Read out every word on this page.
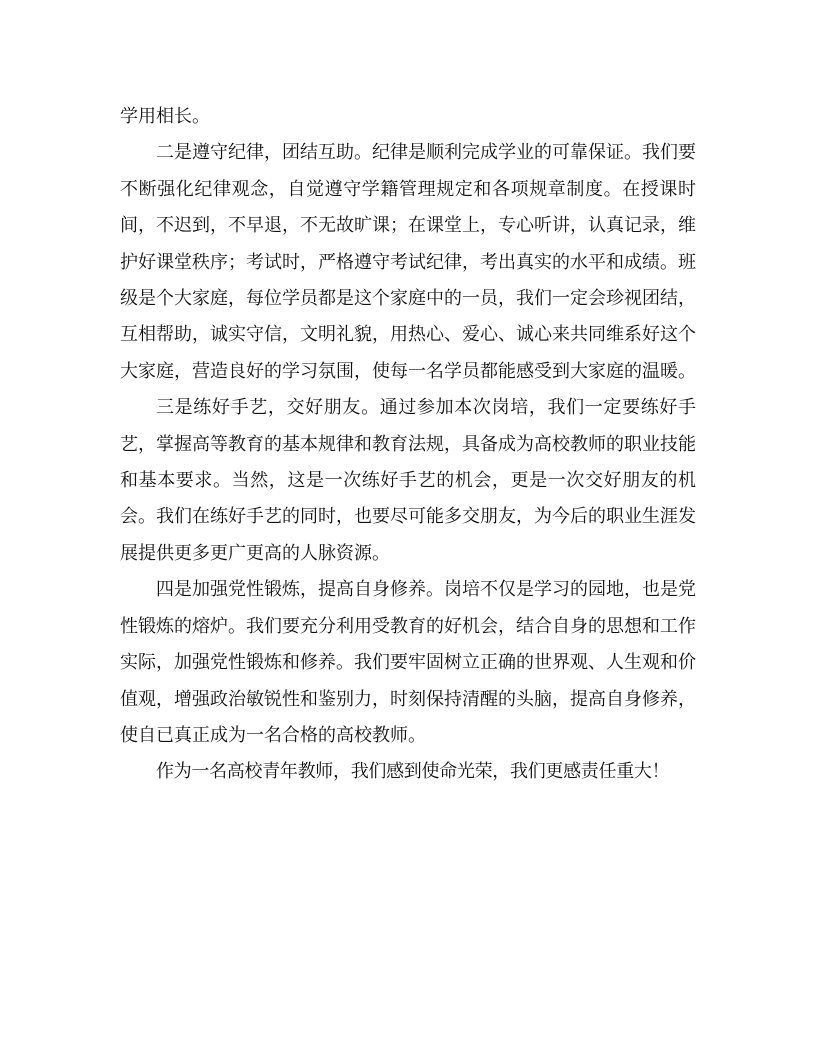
学用相长。

二是遵守纪律，团结互助。纪律是顺利完成学业的可靠保证。我们要不断强化纪律观念，自觉遵守学籍管理规定和各项规章制度。在授课时间，不迟到，不早退，不无故旷课；在课堂上，专心听讲，认真记录，维护好课堂秩序；考试时，严格遵守考试纪律，考出真实的水平和成绩。班级是个大家庭，每位学员都是这个家庭中的一员，我们一定会珍视团结，互相帮助，诚实守信，文明礼貌，用热心、爱心、诚心来共同维系好这个大家庭，营造良好的学习氛围，使每一名学员都能感受到大家庭的温暖。

三是练好手艺，交好朋友。通过参加本次岗培，我们一定要练好手艺，掌握高等教育的基本规律和教育法规，具备成为高校教师的职业技能和基本要求。当然，这是一次练好手艺的机会，更是一次交好朋友的机会。我们在练好手艺的同时，也要尽可能多交朋友，为今后的职业生涯发展提供更多更广更高的人脉资源。

四是加强党性锻炼，提高自身修养。岗培不仅是学习的园地，也是党性锻炼的熔炉。我们要充分利用受教育的好机会，结合自身的思想和工作实际，加强党性锻炼和修养。我们要牢固树立正确的世界观、人生观和价值观，增强政治敏锐性和鉴别力，时刻保持清醒的头脑，提高自身修养，使自已真正成为一名合格的高校教师。

作为一名高校青年教师，我们感到使命光荣，我们更感责任重大！
